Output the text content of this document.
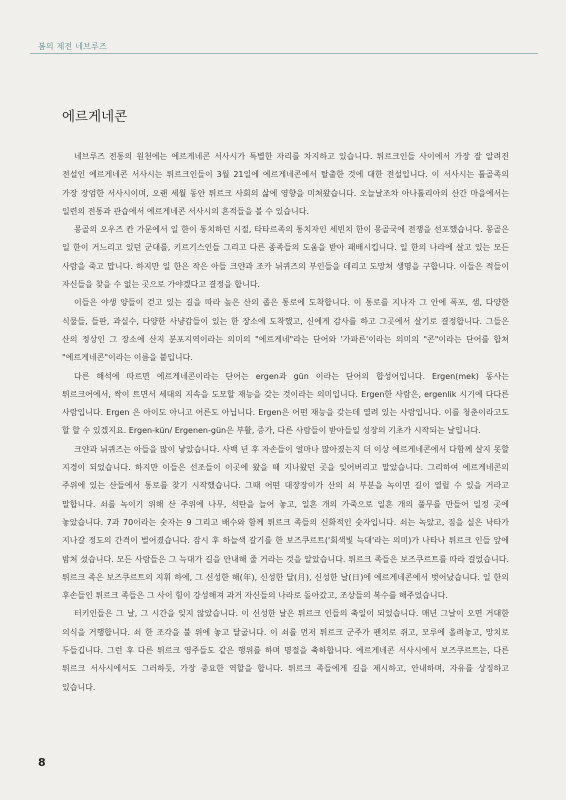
봄의 제전 네브루즈
에르게네콘

네브루즈 전통의 원천에는 에르게네콘 서사시가 특별한 자리를 차지하고 있습니다. 튀르크인들 사이에서 가장 잘 알려진 전설인 에르게네콘 서사시는 튀르크인들이 3월 21일에 에르게네콘에서 탈출한 것에 대한 전설입니다. 이 서사시는 튤골족의 가장 장엄한 서사시이며, 오랜 세월 동안 튀르크 사회의 삶에 영향을 미쳐왔습니다. 오늘날조차 아나톨리아의 산간 마을에서는 일련의 전통과 관습에서 에르게네콘 서사시의 흔적들을 볼 수 있습니다.

몽골의 오우즈 칸 가문에서 일 한이 통치하던 시절, 타타르족의 통치자인 세빈치 한이 몽골국에 전쟁을 선포했습니다. 몽골은 일 한이 거느리고 있던 군대를, 키르기스인들 그리고 다른 종족들의 도움을 받아 패배시킵니다. 일 한의 나라에 살고 있는 모든 사람을 죽고 맙니다. 하지만 일 한은 작은 아들 크얀과 조카 뉘퀴즈의 부인들을 데리고 도망쳐 생명을 구합니다. 이들은 적들이 자신들을 찾을 수 없는 곳으로 가야겠다고 결정을 합니다.

이들은 야생 양들이 걷고 있는 길을 따라 높은 산의 좁은 통로에 도착합니다. 이 통로를 지나자 그 안에 폭포, 샘, 다양한 식물들, 들판, 과실수, 다양한 사냥감들이 있는 한 장소에 도착했고, 신에게 감사를 하고 그곳에서 살기로 결정합니다. 그들은 산의 정상인 그 장소에 산지 분포지역이라는 의미의 "에르게네"라는 단어와 '가파른'이라는 의미의 "콘"이라는 단어를 합쳐 "에르게네콘"이라는 이름을 붙입니다.

다른 해석에 따르면 에르게네콘이라는 단어는 ergen과 gün 이라는 단어의 합성어입니다. Ergen(mek) 동사는 튀르크어에서, 싹이 트면서 세대의 지속을 도모할 재능을 갖는 것이라는 의미입니다. Ergen한 사람은, ergenlik 시기에 다다른 사람입니다. Ergen 은 아이도 아니고 어른도 아닙니다. Ergen은 어떤 재능을 갖는데 열려 있는 사람입니다. 이를 청춘이라고도 할 할 수 있겠지요. Ergen-kün/ Ergenen-gün은 부활, 증가, 다른 사람들이 받아들일 성장의 기초가 시작되는 날입니다.

크얀과 뉘퀴즈는 아들을 많이 낳았습니다. 사백 년 후 자손들이 얼마나 많아졌는지 더 이상 에르게네콘에서 다함께 살지 못할 지경이 되었습니다. 하지만 이들은 선조들이 이곳에 왔을 때 지나왔던 곳을 잊어버리고 말았습니다. 그리하여 에르게네콘의 주위에 있는 산들에서 통로를 찾기 시작했습니다. 그때 어떤 대장장이가 산의 쇠 부분을 녹이면 길이 열릴 수 있을 거라고 말합니다. 쇠를 녹이기 위해 산 주위에 나무, 석탄을 늘어 놓고, 일흔 개의 가죽으로 일흔 개의 풀무를 만들어 일정 곳에 놓았습니다. 7과 70이라는 숫자는 9 그리고 배수와 함께 튀르크 족들의 신화적인 숫자입니다. 쇠는 녹았고, 짐을 실은 낙타가 지나갈 정도의 간격이 벌어졌습니다. 잠시 후 하늘색 갈기를 한 보즈쿠르트('회색빛 늑대'라는 의미)가 나타나 튀르크 인들 앞에 밤쳐 섰습니다. 모든 사람들은 그 늑대가 길을 안내해 줄 거라는 것을 알았습니다. 튀르크 족들은 보즈쿠르트를 따라 걸었습니다. 튀르크 족은 보즈쿠르트의 지휘 하에, 그 신성한 해(年), 신성한 달(月), 신성한 날(日)에 에르게네콘에서 벗어났습니다. 일 한의 후손들인 튀르크 족들은 그 사이 힘이 강성해져 과거 자신들의 나라로 돌아갔고, 조상들의 복수를 해주었습니다.

터키인들은 그 날, 그 시간을 잊지 않았습니다. 이 신성한 날은 튀르크 인들의 축일이 되었습니다. 매년 그날이 오면 거대한 의식을 거행합니다. 쇠 한 조각을 불 위에 놓고 달굽니다. 이 쇠를 먼저 튀르크 군주가 펜치로 쥐고, 모루에 올려놓고, 망치로 두들깁니다. 그런 후 다른 튀르크 영주들도 같은 행위를 하며 명절을 축하합니다. 에르게네콘 서사시에서 보즈쿠르트는, 다른 튀르크 서사시에서도 그러하듯, 가장 중요한 역할을 합니다. 튀르크 족들에게 길을 제시하고, 안내하며, 자유를 상징하고 있습니다.

8
